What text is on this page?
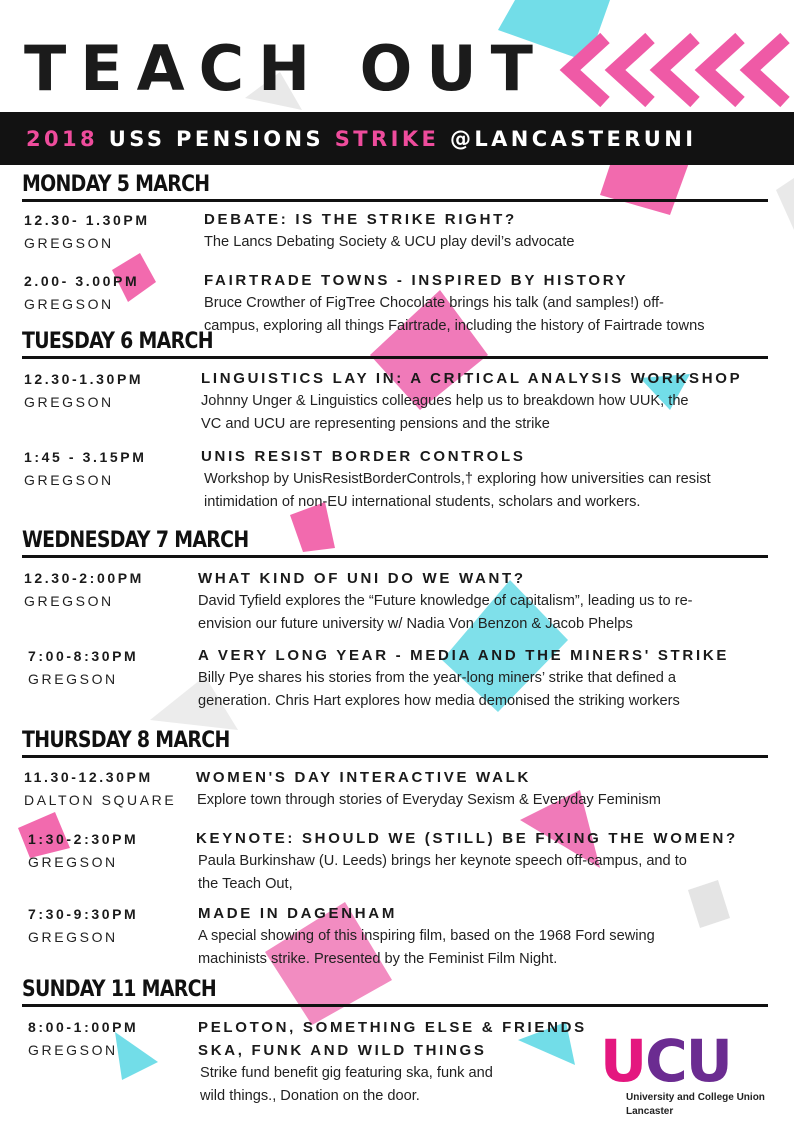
TEACH OUT
2018 USS PENSIONS STRIKE @LANCASTERUNI
MONDAY 5 MARCH
12.30- 1.30PM
GREGSON
DEBATE: IS THE STRIKE RIGHT?
The Lancs Debating Society & UCU play devil’s advocate
2.00- 3.00PM
GREGSON
FAIRTRADE TOWNS - INSPIRED BY HISTORY
Bruce Crowther of FigTree Chocolate brings his talk (and samples!) off-
campus, exploring all things Fairtrade, including the history of Fairtrade towns
TUESDAY 6 MARCH
12.30-1.30PM
GREGSON
LINGUISTICS LAY IN: A CRITICAL ANALYSIS WORKSHOP
Johnny Unger & Linguistics colleagues help us to breakdown how UUK, the
VC and UCU are representing pensions and the strike
1:45 - 3.15PM
GREGSON
UNIS RESIST BORDER CONTROLS
Workshop by UnisResistBorderControls,† exploring how universities can resist
intimidation of non-EU international students, scholars and workers.
WEDNESDAY 7 MARCH
12.30-2:00PM
GREGSON
WHAT KIND OF UNI DO WE WANT?
David Tyfield explores the “Future knowledge of capitalism”, leading us to re-
envision our future university w/ Nadia Von Benzon & Jacob Phelps
7:00-8:30PM
GREGSON
A VERY LONG YEAR - MEDIA AND THE MINERS' STRIKE
Billy Pye shares his stories from the year-long miners’ strike that defined a
generation. Chris Hart explores how media demonised the striking workers
THURSDAY 8 MARCH
11.30-12.30PM
DALTON SQUARE
WOMEN'S DAY INTERACTIVE WALK
Explore town through stories of Everyday Sexism & Everyday Feminism
1:30-2:30PM
GREGSON
KEYNOTE: SHOULD WE (STILL) BE FIXING THE WOMEN?
Paula Burkinshaw (U. Leeds) brings her keynote speech off-campus, and to
the Teach Out,
7:30-9:30PM
GREGSON
MADE IN DAGENHAM
A special showing of this inspiring film, based on the 1968 Ford sewing
machinists strike. Presented by the Feminist Film Night.
SUNDAY 11 MARCH
8:00-1:00PM
GREGSON
PELOTON, SOMETHING ELSE & FRIENDS
SKA, FUNK AND WILD THINGS
Strike fund benefit gig featuring ska, funk and
wild things., Donation on the door.
UCU
University and College Union
Lancaster
